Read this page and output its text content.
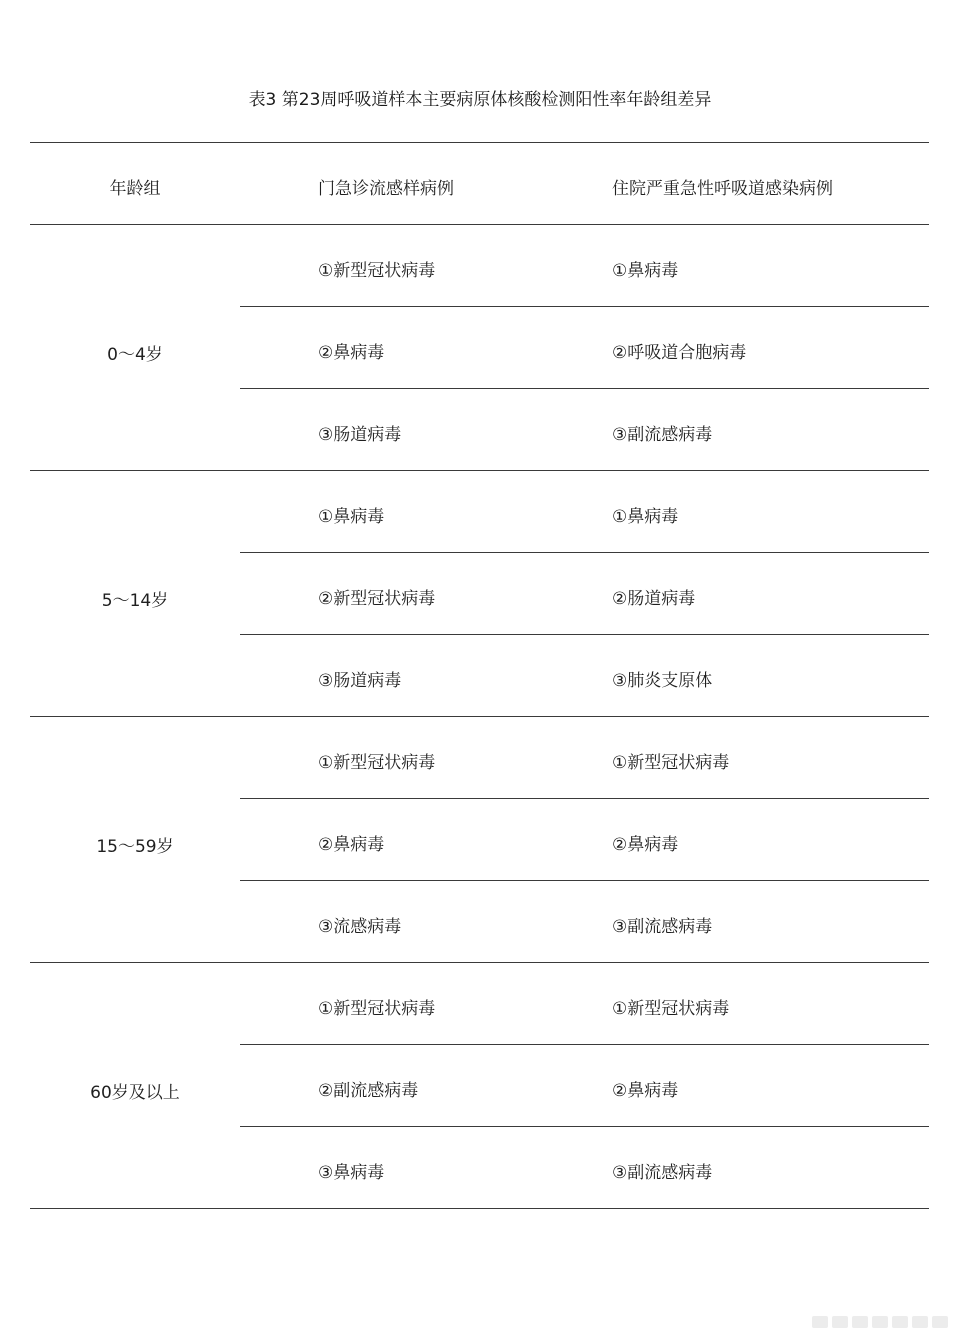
表3 第23周呼吸道样本主要病原体核酸检测阳性率年龄组差异
年龄组	门急诊流感样病例	住院严重急性呼吸道感染病例
0～4岁
①新型冠状病毒	①鼻病毒
②鼻病毒	②呼吸道合胞病毒
③肠道病毒	③副流感病毒
5～14岁
①鼻病毒	①鼻病毒
②新型冠状病毒	②肠道病毒
③肠道病毒	③肺炎支原体
15～59岁
①新型冠状病毒	①新型冠状病毒
②鼻病毒	②鼻病毒
③流感病毒	③副流感病毒
60岁及以上
①新型冠状病毒	①新型冠状病毒
②副流感病毒	②鼻病毒
③鼻病毒	③副流感病毒
